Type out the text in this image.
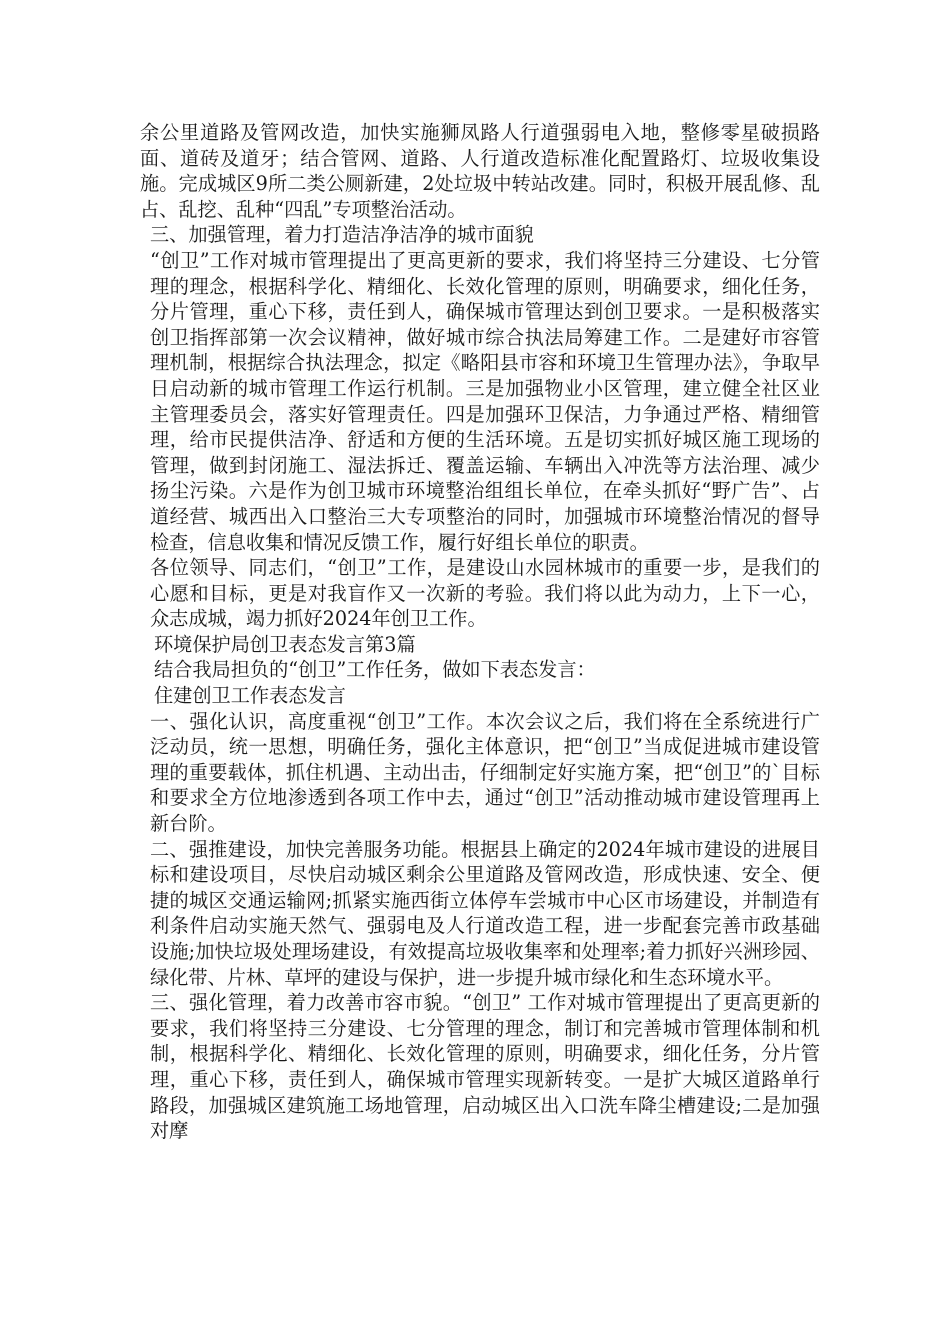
余公里道路及管网改造，加快实施狮凤路人行道强弱电入地，整修零星破损路面、道砖及道牙；结合管网、道路、人行道改造标准化配置路灯、垃圾收集设施。完成城区9所二类公厕新建，2处垃圾中转站改建。同时，积极开展乱修、乱占、乱挖、乱种“四乱”专项整治活动。

三、加强管理，着力打造洁净洁净的城市面貌

“创卫”工作对城市管理提出了更高更新的要求，我们将坚持三分建设、七分管理的理念，根据科学化、精细化、长效化管理的原则，明确要求，细化任务，分片管理，重心下移，责任到人，确保城市管理达到创卫要求。一是积极落实创卫指挥部第一次会议精神，做好城市综合执法局筹建工作。二是建好市容管理机制，根据综合执法理念，拟定《略阳县市容和环境卫生管理办法》，争取早日启动新的城市管理工作运行机制。三是加强物业小区管理，建立健全社区业主管理委员会，落实好管理责任。四是加强环卫保洁，力争通过严格、精细管理，给市民提供洁净、舒适和方便的生活环境。五是切实抓好城区施工现场的管理，做到封闭施工、湿法拆迁、覆盖运输、车辆出入冲洗等方法治理、减少扬尘污染。六是作为创卫城市环境整治组组长单位，在牵头抓好“野广告”、占道经营、城西出入口整治三大专项整治的同时，加强城市环境整治情况的督导检查，信息收集和情况反馈工作，履行好组长单位的职责。

各位领导、同志们，“创卫”工作，是建设山水园林城市的重要一步，是我们的心愿和目标，更是对我盲作又一次新的考验。我们将以此为动力，上下一心，众志成城，竭力抓好2024年创卫工作。

环境保护局创卫表态发言第3篇

结合我局担负的“创卫”工作任务，做如下表态发言：

住建创卫工作表态发言

一、强化认识，高度重视“创卫”工作。本次会议之后，我们将在全系统进行广泛动员，统一思想，明确任务，强化主体意识，把“创卫”当成促进城市建设管理的重要载体，抓住机遇、主动出击，仔细制定好实施方案，把“创卫”的`目标和要求全方位地渗透到各项工作中去，通过“创卫”活动推动城市建设管理再上新台阶。

二、强推建设，加快完善服务功能。根据县上确定的2024年城市建设的进展目标和建设项目，尽快启动城区剩余公里道路及管网改造，形成快速、安全、便捷的城区交通运输网;抓紧实施西街立体停车尝城市中心区市场建设，并制造有利条件启动实施天然气、强弱电及人行道改造工程，进一步配套完善市政基础设施;加快垃圾处理场建设，有效提高垃圾收集率和处理率;着力抓好兴洲珍园、绿化带、片林、草坪的建设与保护，进一步提升城市绿化和生态环境水平。

三、强化管理，着力改善市容市貌。“创卫” 工作对城市管理提出了更高更新的要求，我们将坚持三分建设、七分管理的理念，制订和完善城市管理体制和机制，根据科学化、精细化、长效化管理的原则，明确要求，细化任务，分片管理，重心下移，责任到人，确保城市管理实现新转变。一是扩大城区道路单行路段，加强城区建筑施工场地管理，启动城区出入口洗车降尘槽建设;二是加强对摩
